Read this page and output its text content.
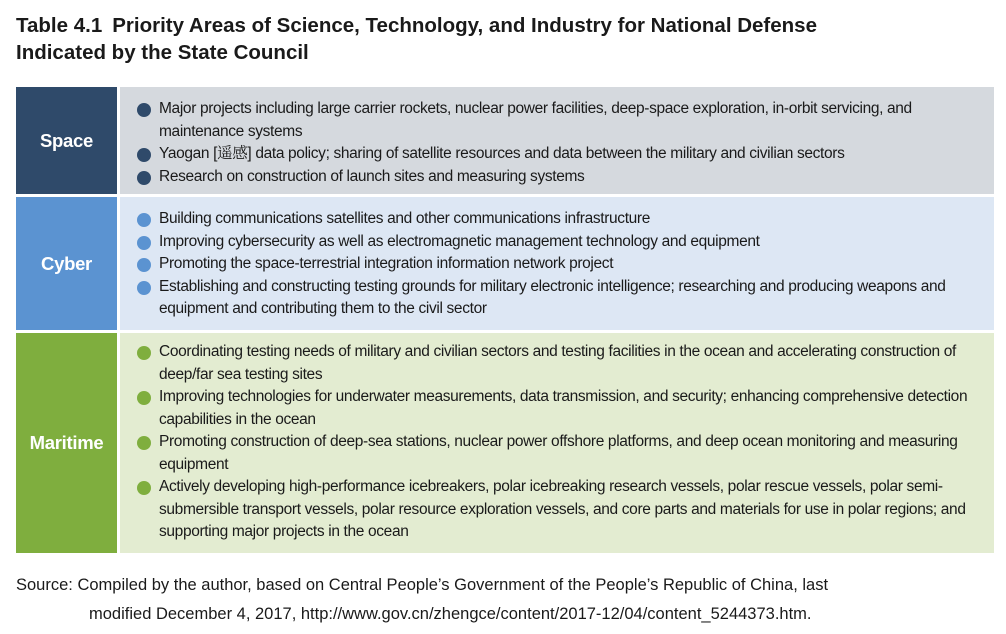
Table 4.1 Priority Areas of Science, Technology, and Industry for National Defense
Indicated by the State Council
Space
Major projects including large carrier rockets, nuclear power facilities, deep-space exploration, in-orbit servicing, and maintenance systems
Yaogan [遥感] data policy; sharing of satellite resources and data between the military and civilian sectors
Research on construction of launch sites and measuring systems
Cyber
Building communications satellites and other communications infrastructure
Improving cybersecurity as well as electromagnetic management technology and equipment
Promoting the space-terrestrial integration information network project
Establishing and constructing testing grounds for military electronic intelligence; researching and producing weapons and equipment and contributing them to the civil sector
Maritime
Coordinating testing needs of military and civilian sectors and testing facilities in the ocean and accelerating construction of deep/far sea testing sites
Improving technologies for underwater measurements, data transmission, and security; enhancing comprehensive detection capabilities in the ocean
Promoting construction of deep-sea stations, nuclear power offshore platforms, and deep ocean monitoring and measuring equipment
Actively developing high-performance icebreakers, polar icebreaking research vessels, polar rescue vessels, polar semi-submersible transport vessels, polar resource exploration vessels, and core parts and materials for use in polar regions; and supporting major projects in the ocean
Source: Compiled by the author, based on Central People’s Government of the People’s Republic of China, last
modified December 4, 2017, http://www.gov.cn/zhengce/content/2017-12/04/content_5244373.htm.
